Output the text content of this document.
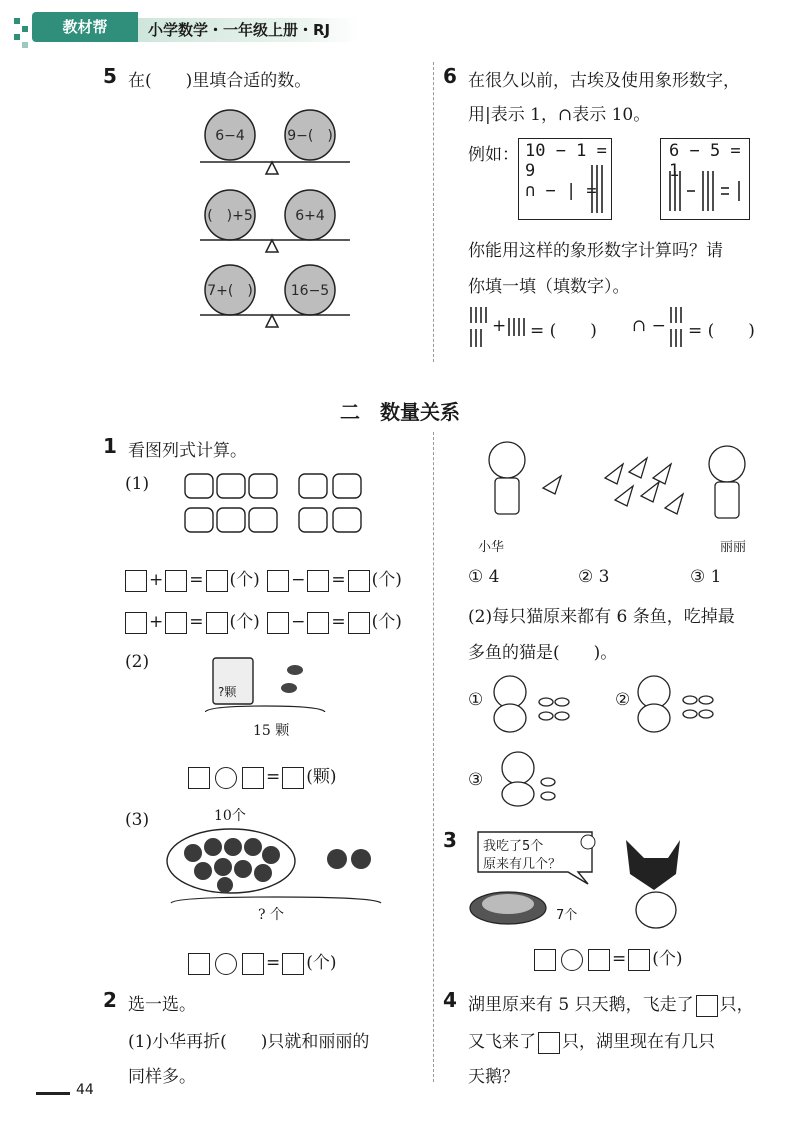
教材帮	小学数学・一年级上册・RJ
5 在(　　)里填合适的数。
6−4	9−(　)
(　)+5	6+4
7+(　)	16−5
6 在很久以前，古埃及使用象形数字，
用|表示 1，∩表示 10。
例如： 10 − 1 = 9
∩ − | =
6 − 5 = 1
你能用这样的象形数字计算吗？请
你填一填（填数字）。
+ = (　　) ∩ − = (　　)
二　数量关系
1 看图列式计算。
(1)
+ = (个) − = (个)
+ = (个) − = (个)
(2)
?颗
15 颗
= (颗)
(3)	10个
? 个
= (个)
2 选一选。
(1)小华再折(　　)只就和丽丽的
同样多。
小华	丽丽
① 4	② 3	③ 1
(2)每只猫原来都有 6 条鱼，吃掉最
多鱼的猫是(　　)。
①	②
③
3 我吃了5个
原来有几个？
7个
= (个)
4 湖里原来有 5 只天鹅，飞走了 只，
又飞来了 只，湖里现在有几只
天鹅？
44
